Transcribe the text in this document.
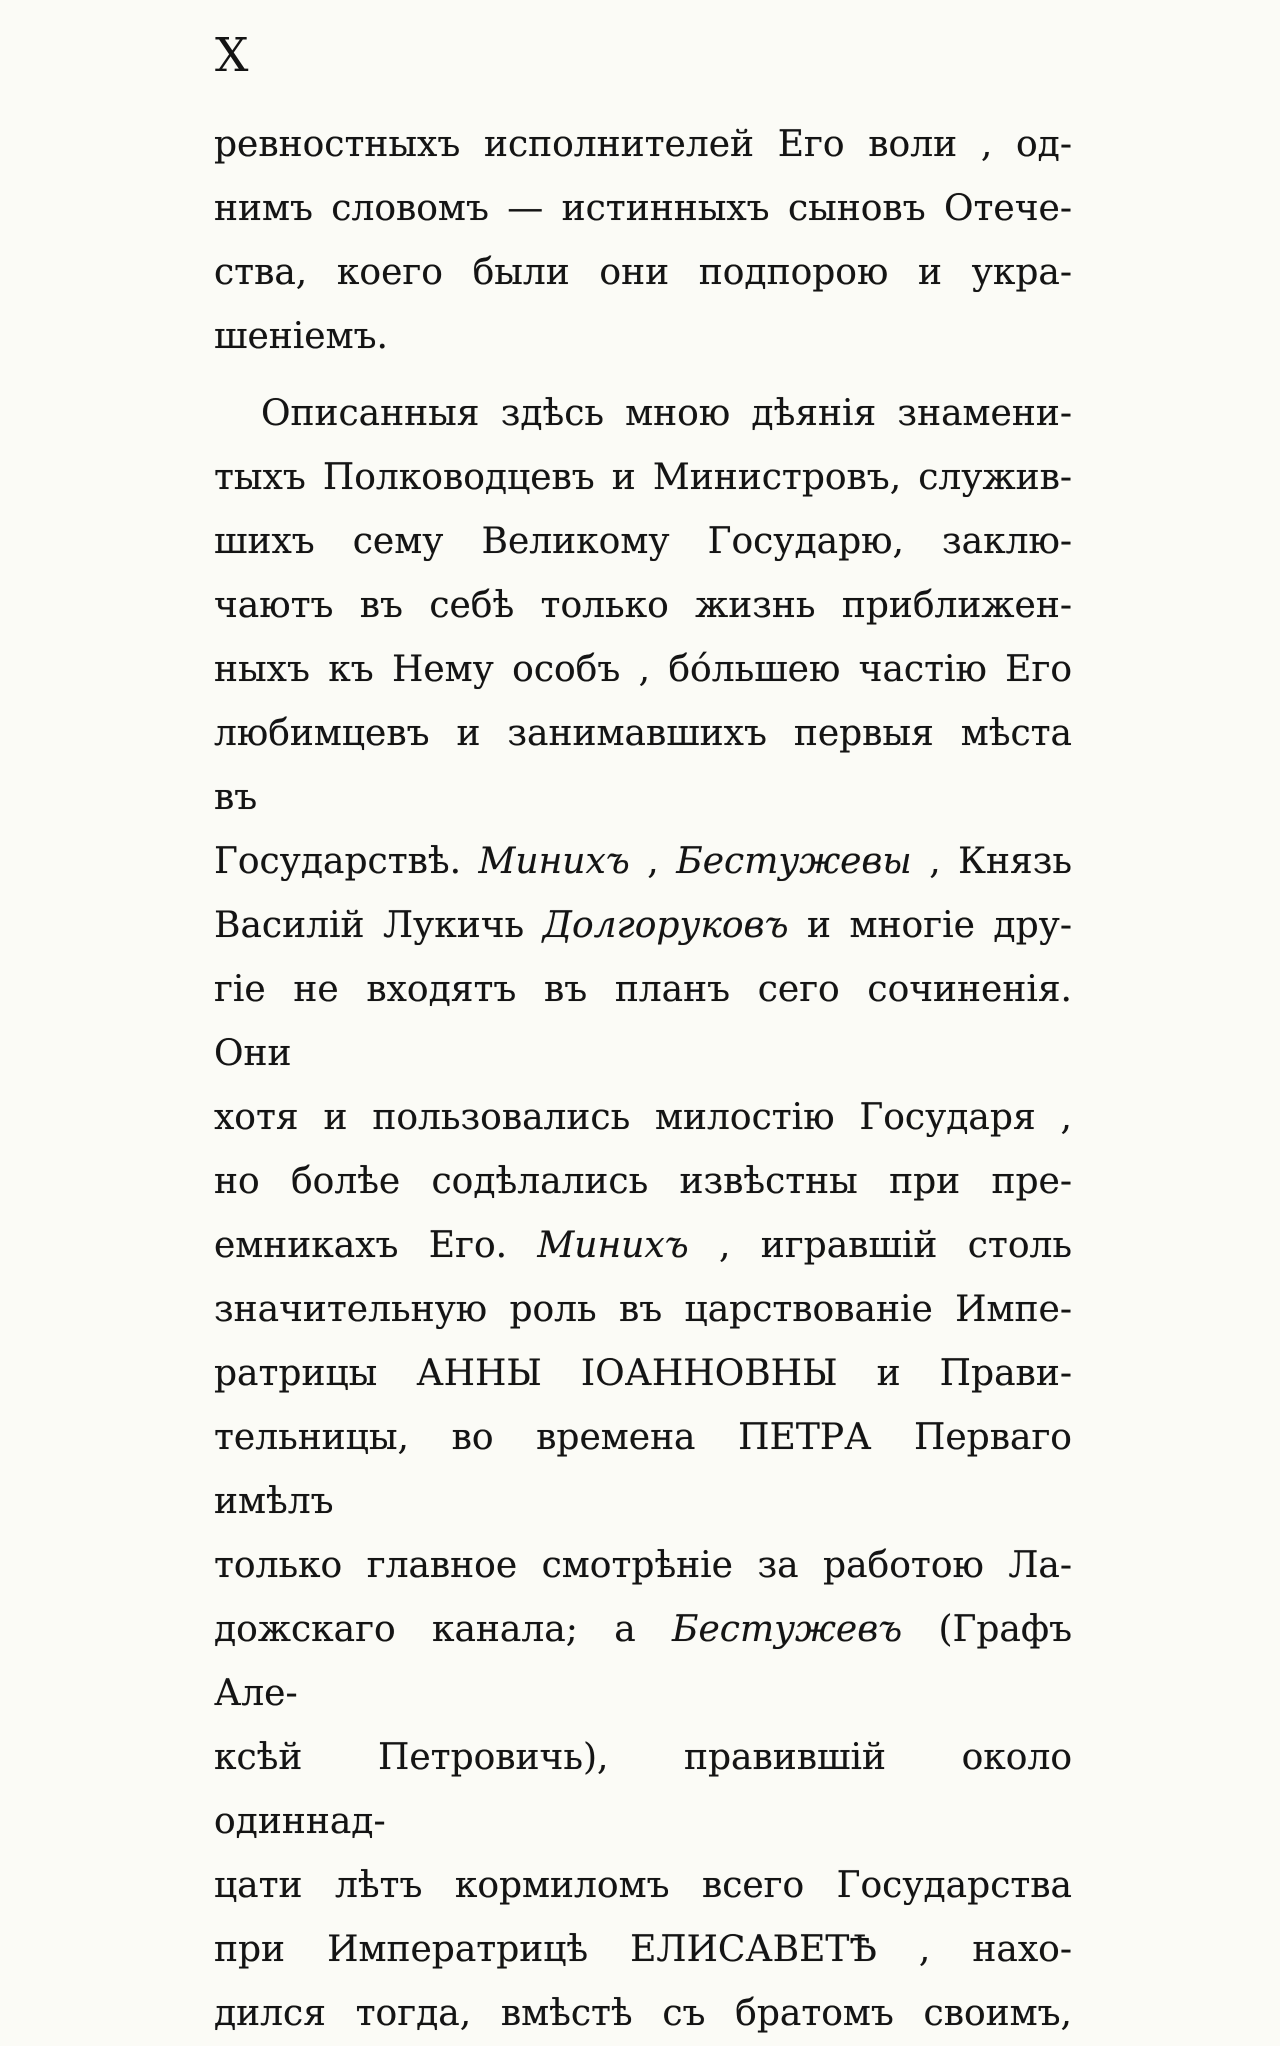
X
ревностныхъ исполнителей Его воли , од-
нимъ словомъ — истинныхъ сыновъ Отече-
ства, коего были они подпорою и укра-
шеніемъ.
Описанныя здѣсь мною дѣянія знамени-
тыхъ Полководцевъ и Министровъ, служив-
шихъ сему Великому Государю, заклю-
чаютъ въ себѣ только жизнь приближен-
ныхъ къ Нему особъ , бо́льшею частію Его
любимцевъ и занимавшихъ первыя мѣста въ
Государствѣ. Минихъ , Бестужевы , Князь
Василій Лукичь Долгоруковъ и многіе дру-
гіе не входятъ въ планъ сего сочиненія. Они
хотя и пользовались милостію Государя ,
но болѣе содѣлались извѣстны при пре-
емникахъ Его. Минихъ , игравшій столь
значительную роль въ царствованіе Импе-
ратрицы АННЫ ІОАННОВНЫ и Прави-
тельницы, во времена ПЕТРА Перваго имѣлъ
только главное смотрѣніе за работою Ла-
дожскаго канала; а Бестужевъ (Графъ Але-
ксѣй Петровичь), правившій около одиннад-
цати лѣтъ кормиломъ всего Государства
при Императрицѣ ЕЛИСАВЕТѢ , нахо-
дился тогда, вмѣстѣ съ братомъ своимъ,
